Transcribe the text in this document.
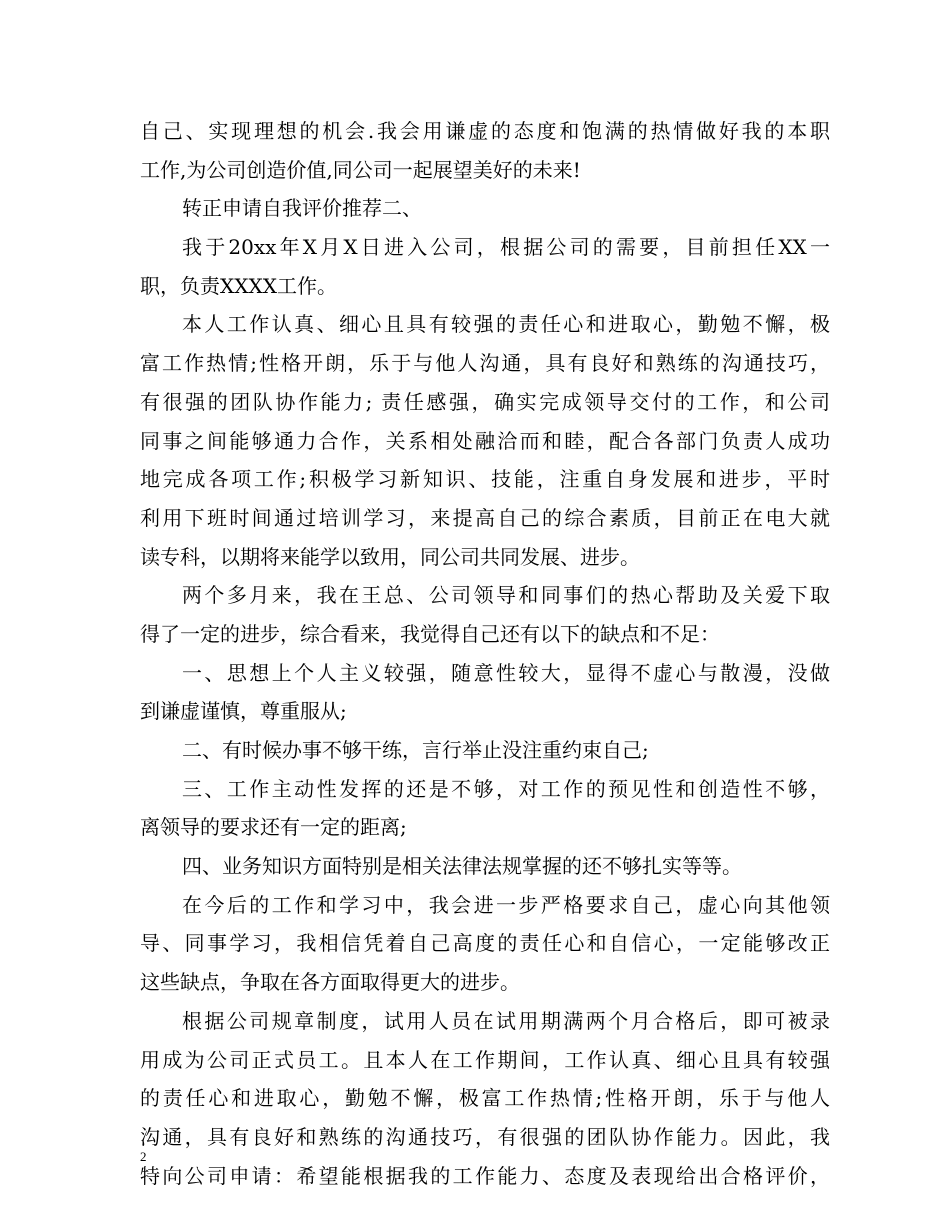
自己、实现理想的机会.我会用谦虚的态度和饱满的热情做好我的本职
工作,为公司创造价值,同公司一起展望美好的未来!
转正申请自我评价推荐二、
我于20xx年X月X日进入公司，根据公司的需要，目前担任XX一
职，负责XXXX工作。
本人工作认真、细心且具有较强的责任心和进取心，勤勉不懈，极
富工作热情;性格开朗，乐于与他人沟通，具有良好和熟练的沟通技巧，
有很强的团队协作能力; 责任感强，确实完成领导交付的工作，和公司
同事之间能够通力合作，关系相处融洽而和睦，配合各部门负责人成功
地完成各项工作;积极学习新知识、技能，注重自身发展和进步，平时
利用下班时间通过培训学习，来提高自己的综合素质，目前正在电大就
读专科，以期将来能学以致用，同公司共同发展、进步。
两个多月来，我在王总、公司领导和同事们的热心帮助及关爱下取
得了一定的进步，综合看来，我觉得自己还有以下的缺点和不足：
一、思想上个人主义较强，随意性较大，显得不虚心与散漫，没做
到谦虚谨慎，尊重服从;
二、有时候办事不够干练，言行举止没注重约束自己;
三、工作主动性发挥的还是不够，对工作的预见性和创造性不够，
离领导的要求还有一定的距离;
四、业务知识方面特别是相关法律法规掌握的还不够扎实等等。
在今后的工作和学习中，我会进一步严格要求自己，虚心向其他领
导、同事学习，我相信凭着自己高度的责任心和自信心，一定能够改正
这些缺点，争取在各方面取得更大的进步。
根据公司规章制度，试用人员在试用期满两个月合格后，即可被录
用成为公司正式员工。且本人在工作期间，工作认真、细心且具有较强
的责任心和进取心，勤勉不懈，极富工作热情;性格开朗，乐于与他人
沟通，具有良好和熟练的沟通技巧，有很强的团队协作能力。因此，我
特向公司申请：希望能根据我的工作能力、态度及表现给出合格评价，
2
